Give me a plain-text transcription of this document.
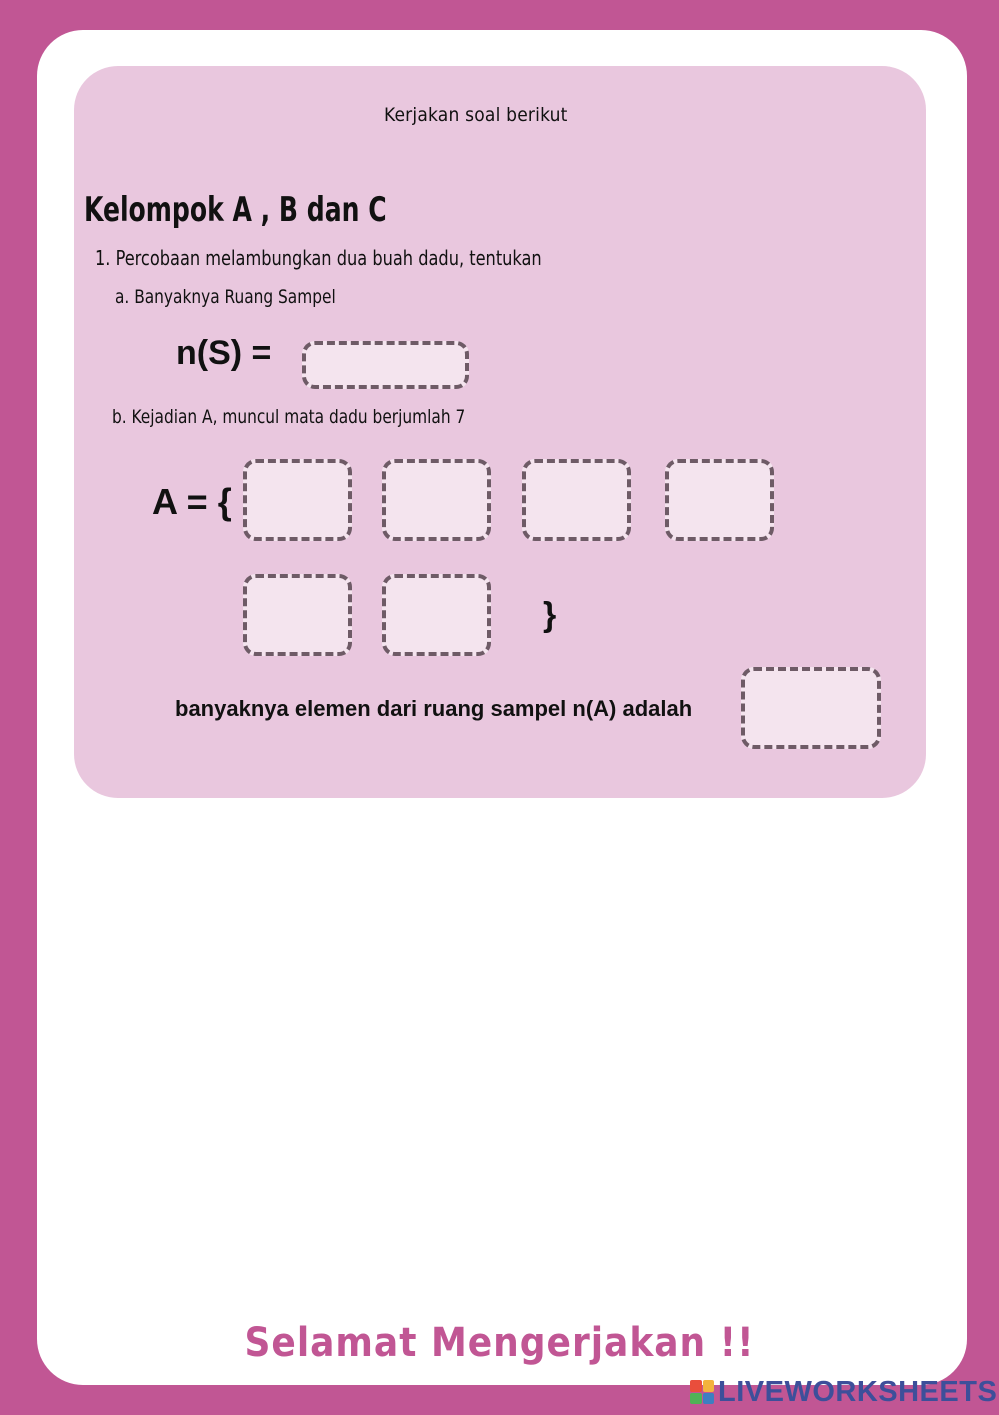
Kerjakan soal berikut
Kelompok A , B dan C
1. Percobaan melambungkan dua buah dadu, tentukan
a. Banyaknya Ruang Sampel
n(S) =
b. Kejadian A, muncul mata dadu berjumlah 7
A = {
}
banyaknya elemen dari ruang sampel n(A) adalah
Selamat Mengerjakan !!
LIVEWORKSHEETS
